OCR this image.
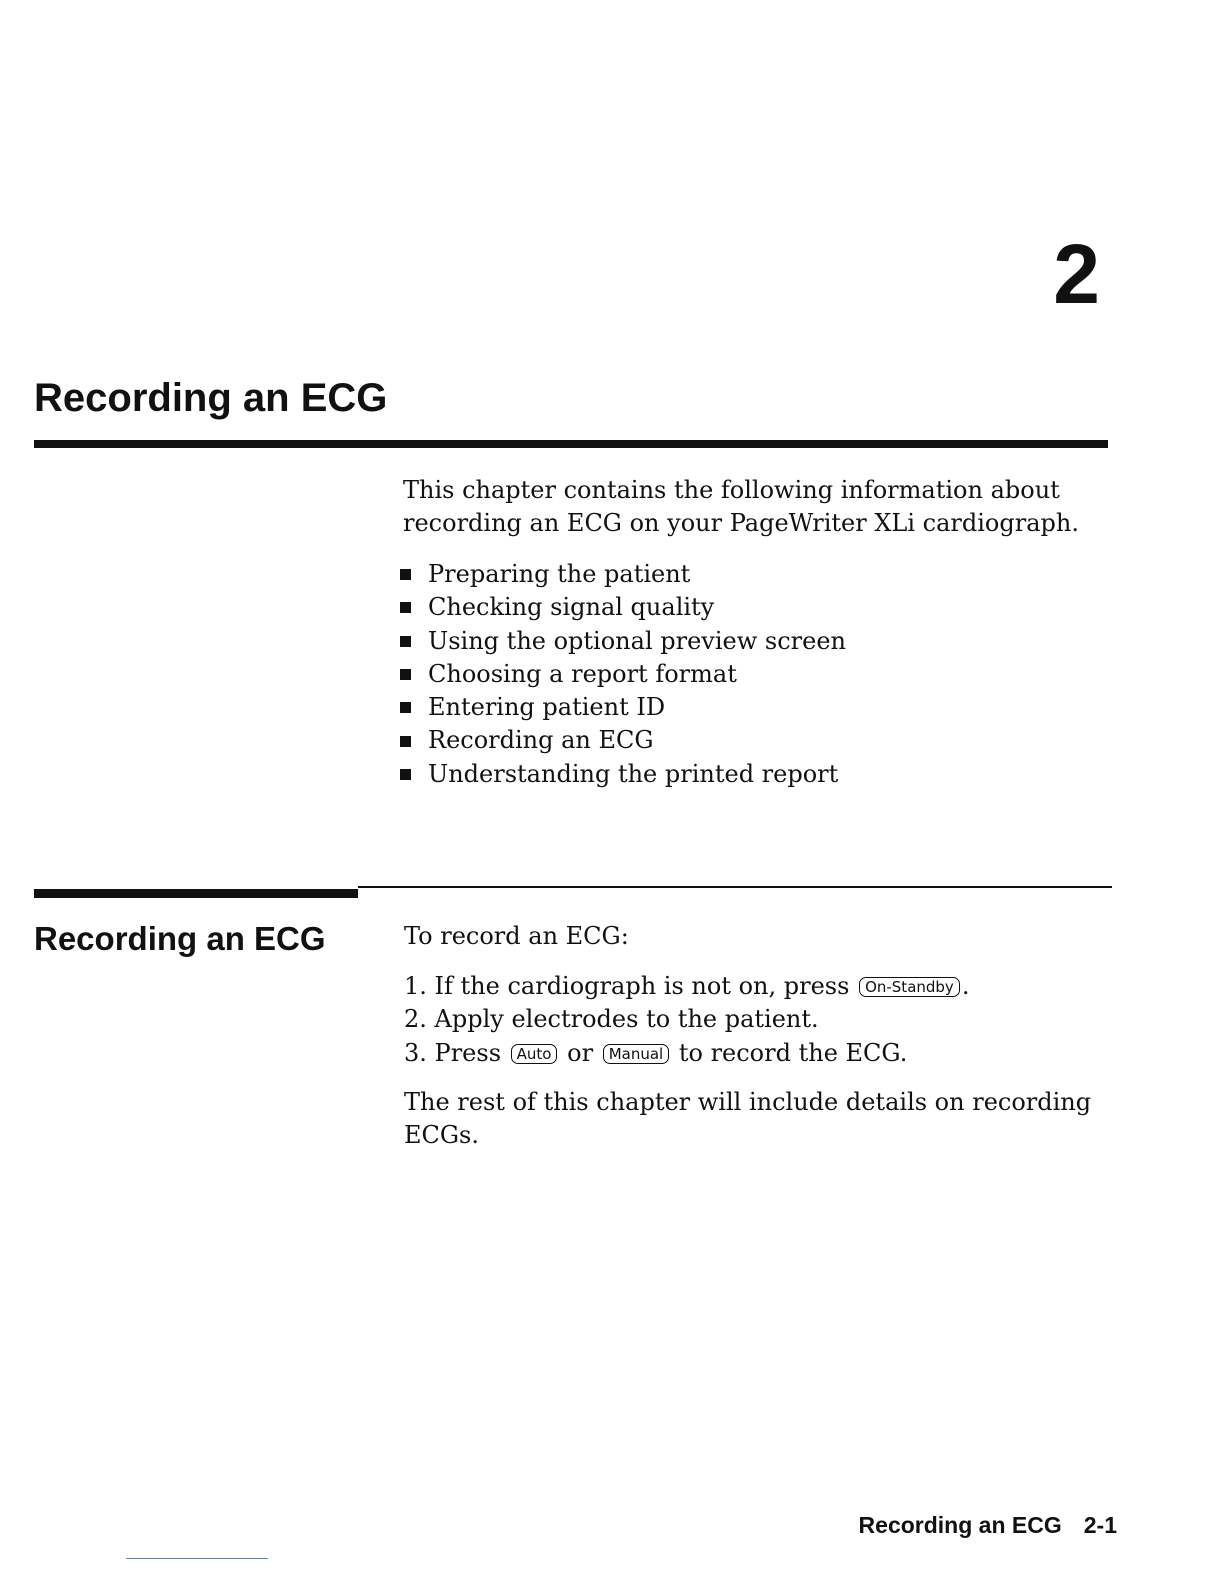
2
Recording an ECG

This chapter contains the following information about recording an ECG on your PageWriter XLi cardiograph.

Preparing the patient
Checking signal quality
Using the optional preview screen
Choosing a report format
Entering patient ID
Recording an ECG
Understanding the printed report
Recording an ECG	To record an ECG:

1. If the cardiograph is not on, press On-Standby .
2. Apply electrodes to the patient.
3. Press Auto or Manual to record the ECG.

The rest of this chapter will include details on recording ECGs.

Recording an ECG 2-1
